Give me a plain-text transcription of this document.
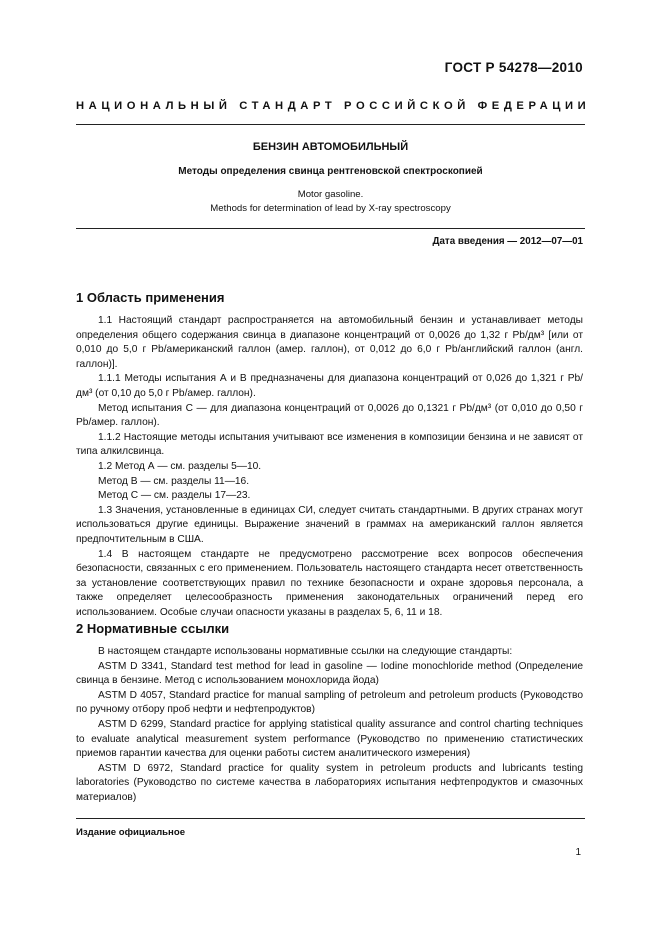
ГОСТ Р 54278—2010
НАЦИОНАЛЬНЫЙ СТАНДАРТ РОССИЙСКОЙ ФЕДЕРАЦИИ
БЕНЗИН АВТОМОБИЛЬНЫЙ
Методы определения свинца рентгеновской спектроскопией
Motor gasoline.
Methods for determination of lead by X-ray spectroscopy
Дата введения — 2012—07—01
1 Область применения

1.1 Настоящий стандарт распространяется на автомобильный бензин и устанавливает методы определения общего содержания свинца в диапазоне концентраций от 0,0026 до 1,32 г Pb/дм³ [или от 0,010 до 5,0 г Pb/американский галлон (амер. галлон), от 0,012 до 6,0 г Pb/английский галлон (англ. галлон)].

1.1.1 Методы испытания А и В предназначены для диапазона концентраций от 0,026 до 1,321 г Pb/дм³ (от 0,10 до 5,0 г Pb/амер. галлон).

Метод испытания С — для диапазона концентраций от 0,0026 до 0,1321 г Pb/дм³ (от 0,010 до 0,50 г Pb/амер. галлон).

1.1.2 Настоящие методы испытания учитывают все изменения в композиции бензина и не зависят от типа алкилсвинца.

1.2 Метод А — см. разделы 5—10.

Метод В — см. разделы 11—16.

Метод С — см. разделы 17—23.

1.3 Значения, установленные в единицах СИ, следует считать стандартными. В других странах могут использоваться другие единицы. Выражение значений в граммах на американский галлон является предпочтительным в США.

1.4 В настоящем стандарте не предусмотрено рассмотрение всех вопросов обеспечения безопасности, связанных с его применением. Пользователь настоящего стандарта несет ответственность за установление соответствующих правил по технике безопасности и охране здоровья персонала, а также определяет целесообразность применения законодательных ограничений перед его использованием. Особые случаи опасности указаны в разделах 5, 6, 11 и 18.

2 Нормативные ссылки

В настоящем стандарте использованы нормативные ссылки на следующие стандарты:

ASTM D 3341, Standard test method for lead in gasoline — Iodine monochloride method (Определение свинца в бензине. Метод с использованием монохлорида йода)

ASTM D 4057, Standard practice for manual sampling of petroleum and petroleum products (Руководство по ручному отбору проб нефти и нефтепродуктов)

ASTM D 6299, Standard practice for applying statistical quality assurance and control charting techniques to evaluate analytical measurement system performance (Руководство по применению статистических приемов гарантии качества для оценки работы систем аналитического измерения)

ASTM D 6972, Standard practice for quality system in petroleum products and lubricants testing laboratories (Руководство по системе качества в лабораториях испытания нефтепродуктов и смазочных материалов)

Издание официальное
1
